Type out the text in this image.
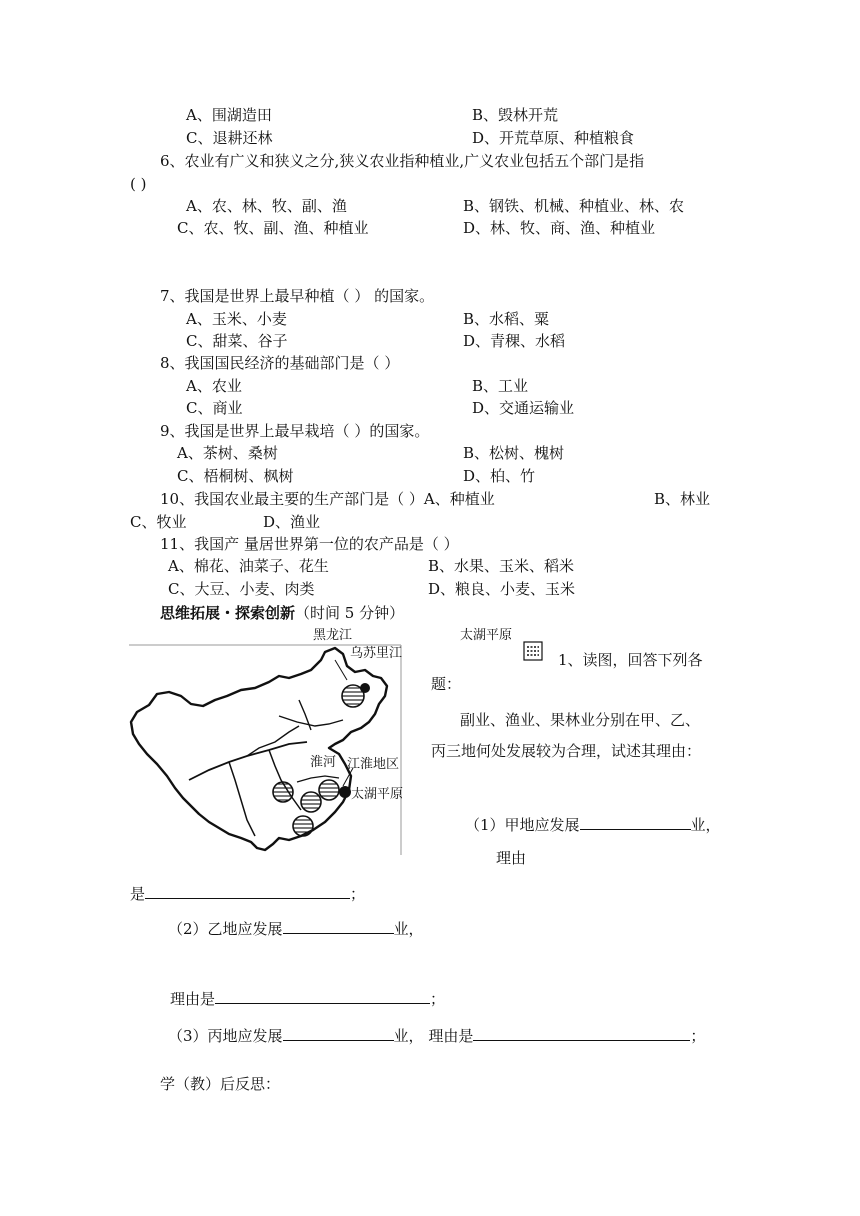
A、围湖造田	B、毁林开荒
C、退耕还林	D、开荒草原、种植粮食
6、农业有广义和狭义之分,狭义农业指种植业,广义农业包括五个部门是指
( )
A、农、林、牧、副、渔	B、钢铁、机械、种植业、林、农
C、农、牧、副、渔、种植业	D、林、牧、商、渔、种植业
7、我国是世界上最早种植（ ） 的国家。
A、玉米、小麦	B、水稻、粟
C、甜菜、谷子	D、青稞、水稻
8、我国国民经济的基础部门是（ ）
A、农业	B、工业
C、商业	D、交通运输业
9、我国是世界上最早栽培（ ）的国家。
A、茶树、桑树	B、松树、槐树
C、梧桐树、枫树	D、柏、竹
10、我国农业最主要的生产部门是（ ）A、种植业	B、林业
C、牧业	D、渔业
11、我国产 量居世界第一位的农产品是（ ）
A、棉花、油菜子、花生	B、水果、玉米、稻米
C、大豆、小麦、肉类	D、粮良、小麦、玉米
思维拓展・探索创新（时间 5 分钟）
黑龙江
乌苏里江
淮河 江淮地区
太湖平原
太湖平原
1、读图，回答下列各
题：
副业、渔业、果林业分别在甲、乙、
丙三地何处发展较为合理，试述其理由：
（1）甲地应发展	业，
理由
是	；
（2）乙地应发展	业，
理由是	；
（3）丙地应发展	业， 理由是	；
学（教）后反思：
